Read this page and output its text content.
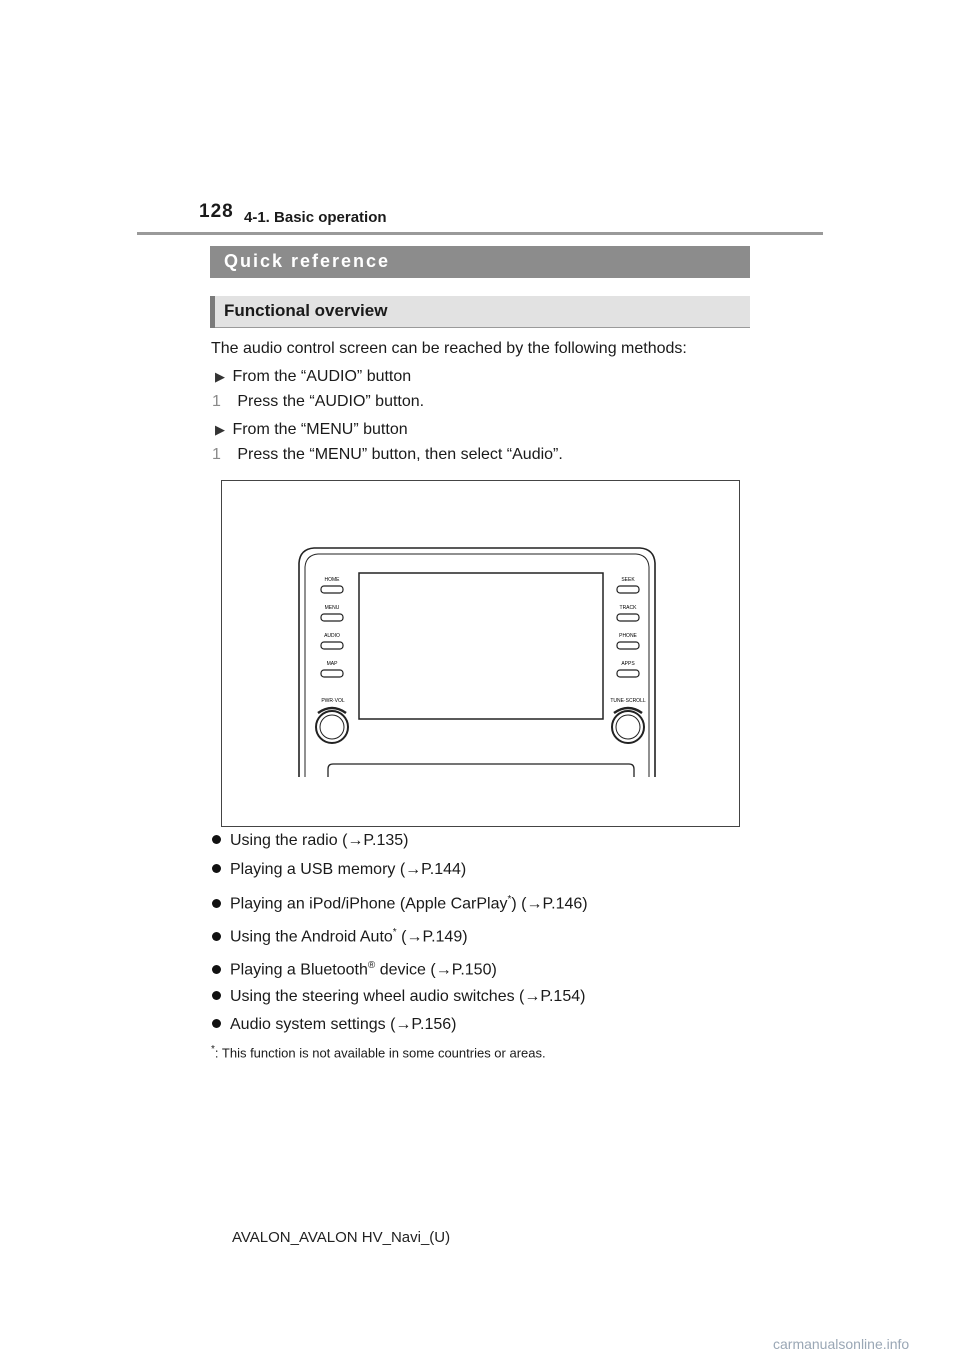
128 4-1. Basic operation
Quick reference
Functional overview
The audio control screen can be reached by the following methods:
▶ From the “AUDIO” button
1 Press the “AUDIO” button.
▶ From the “MENU” button
1 Press the “MENU” button, then select “Audio”.
HOME
MENU
AUDIO
MAP
SEEK
TRACK
PHONE
APPS
PWR·VOL	TUNE·SCROLL
Using the radio (→P.135)
Playing a USB memory (→P.144)
Playing an iPod/iPhone (Apple CarPlay*) (→P.146)
Using the Android Auto* (→P.149)
Playing a Bluetooth® device (→P.150)
Using the steering wheel audio switches (→P.154)
Audio system settings (→P.156)
*: This function is not available in some countries or areas.
AVALON_AVALON HV_Navi_(U)
carmanualsonline.info
